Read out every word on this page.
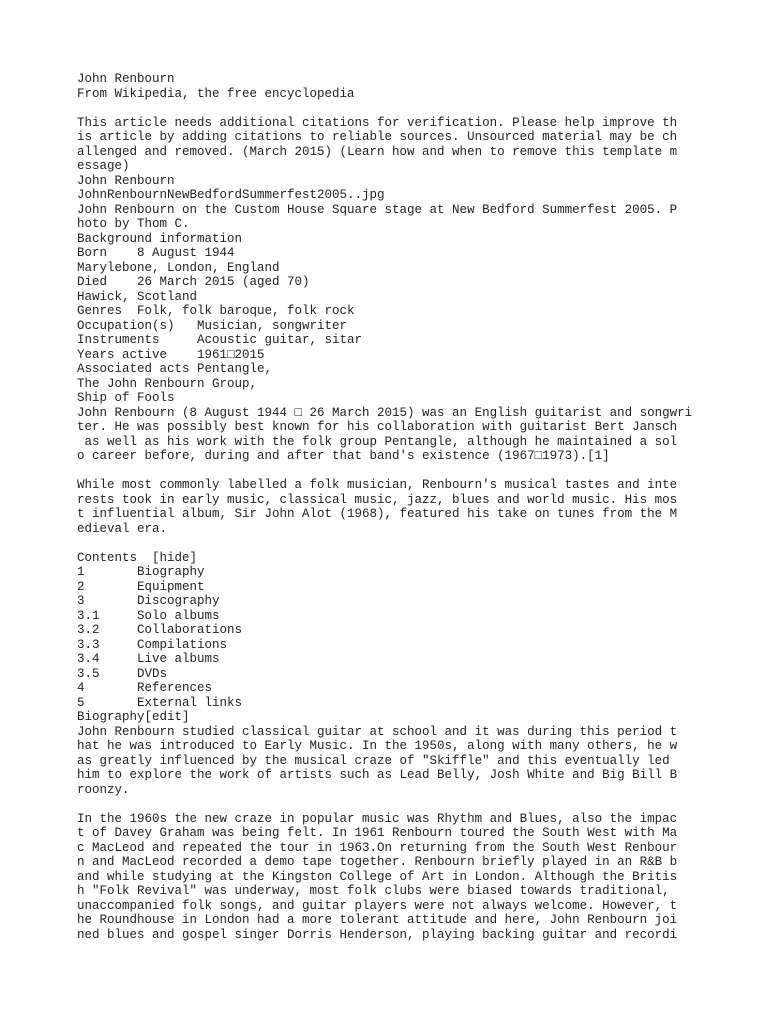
John Renbourn
From Wikipedia, the free encyclopedia
This article needs additional citations for verification. Please help improve th
is article by adding citations to reliable sources. Unsourced material may be ch
allenged and removed. (March 2015) (Learn how and when to remove this template m
essage)
John Renbourn
JohnRenbournNewBedfordSummerfest2005..jpg
John Renbourn on the Custom House Square stage at New Bedford Summerfest 2005. P
hoto by Thom C.
Background information
Born    8 August 1944
Marylebone, London, England
Died    26 March 2015 (aged 70)
Hawick, Scotland
Genres  Folk, folk baroque, folk rock
Occupation(s)   Musician, songwriter
Instruments     Acoustic guitar, sitar
Years active    1961□2015
Associated acts Pentangle,
The John Renbourn Group,
Ship of Fools
John Renbourn (8 August 1944 □ 26 March 2015) was an English guitarist and songwri
ter. He was possibly best known for his collaboration with guitarist Bert Jansch
as well as his work with the folk group Pentangle, although he maintained a sol
o career before, during and after that band's existence (1967□1973).[1]
While most commonly labelled a folk musician, Renbourn's musical tastes and inte
rests took in early music, classical music, jazz, blues and world music. His mos
t influential album, Sir John Alot (1968), featured his take on tunes from the M
edieval era.
Contents  [hide]
1       Biography
2       Equipment
3       Discography
3.1     Solo albums
3.2     Collaborations
3.3     Compilations
3.4     Live albums
3.5     DVDs
4       References
5       External links
Biography[edit]
John Renbourn studied classical guitar at school and it was during this period t
hat he was introduced to Early Music. In the 1950s, along with many others, he w
as greatly influenced by the musical craze of "Skiffle" and this eventually led
him to explore the work of artists such as Lead Belly, Josh White and Big Bill B
roonzy.
In the 1960s the new craze in popular music was Rhythm and Blues, also the impac
t of Davey Graham was being felt. In 1961 Renbourn toured the South West with Ma
c MacLeod and repeated the tour in 1963.On returning from the South West Renbour
n and MacLeod recorded a demo tape together. Renbourn briefly played in an R&B b
and while studying at the Kingston College of Art in London. Although the Britis
h "Folk Revival" was underway, most folk clubs were biased towards traditional,
unaccompanied folk songs, and guitar players were not always welcome. However, t
he Roundhouse in London had a more tolerant attitude and here, John Renbourn joi
ned blues and gospel singer Dorris Henderson, playing backing guitar and recordi
